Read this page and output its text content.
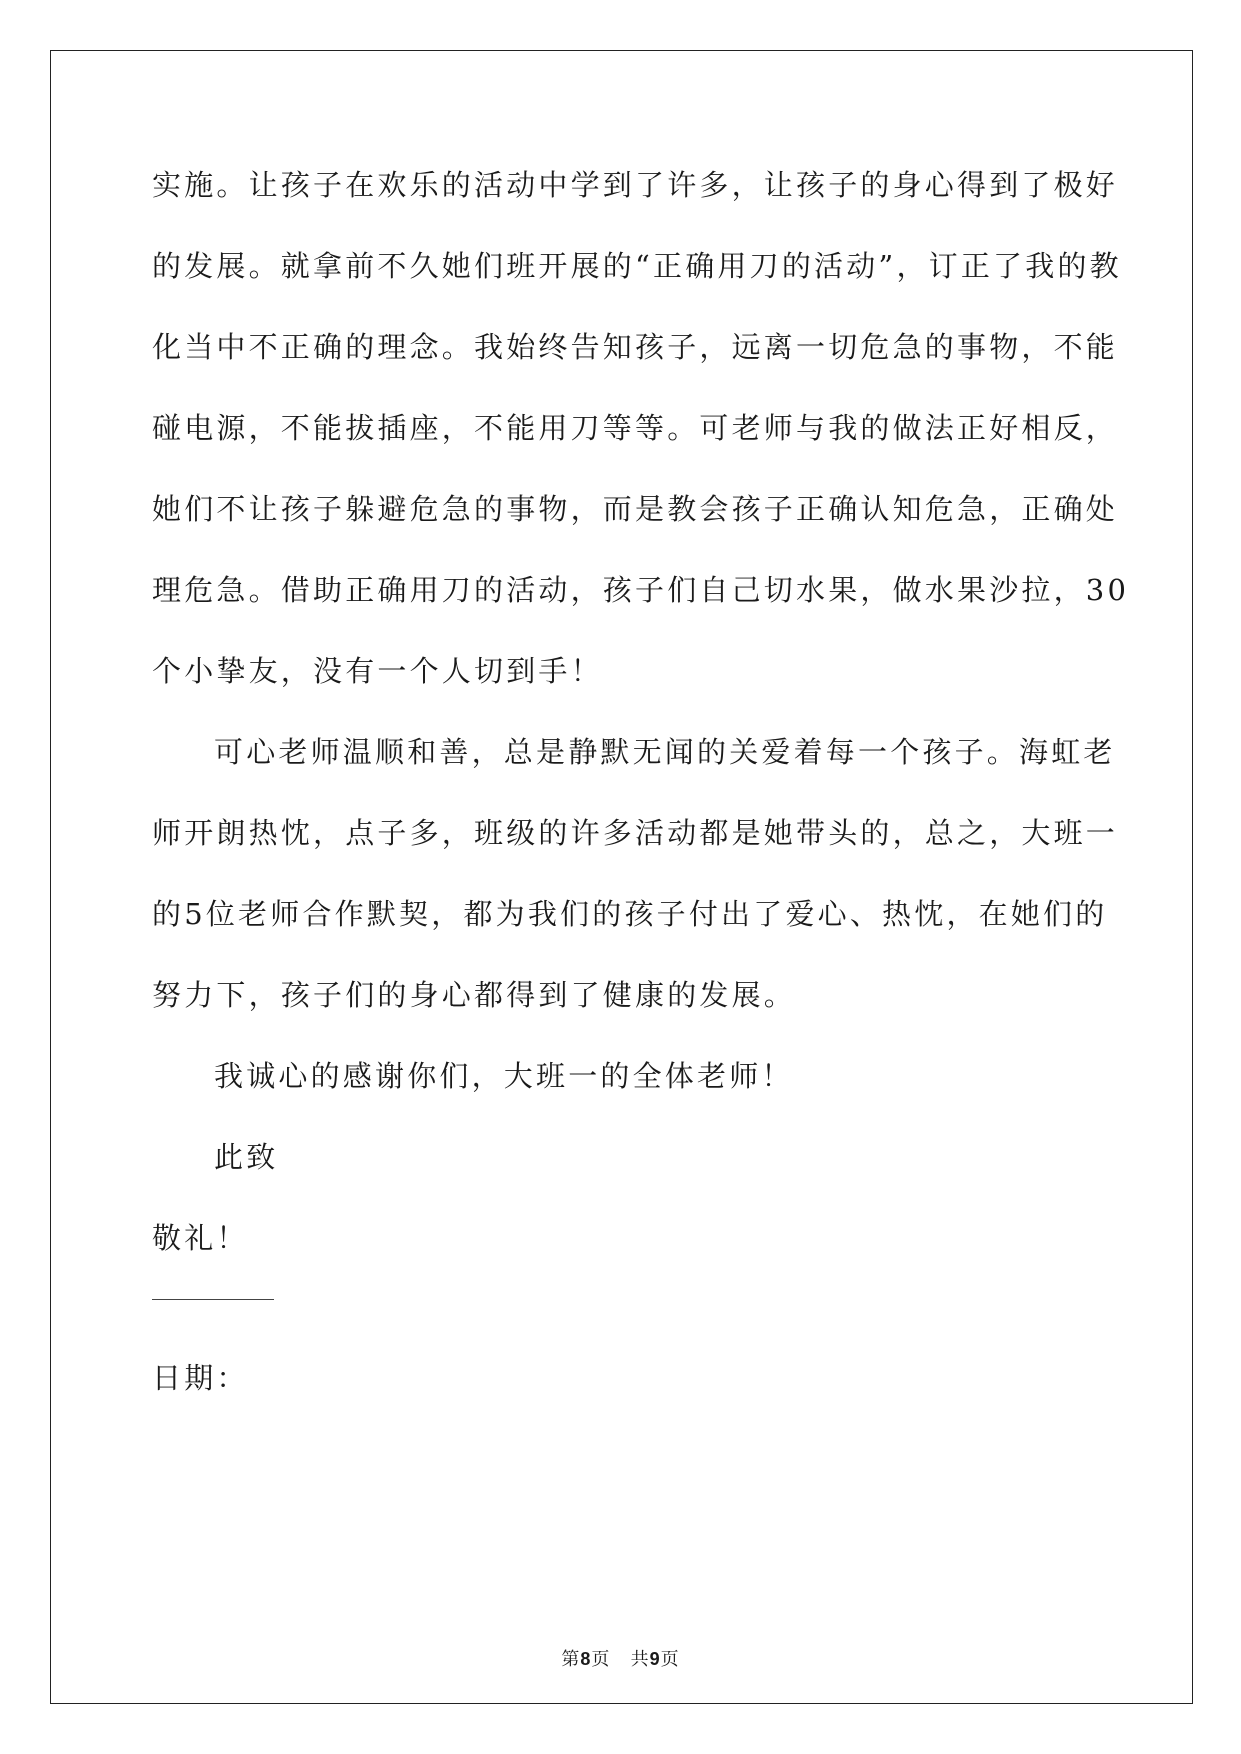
实施。让孩子在欢乐的活动中学到了许多，让孩子的身心得到了极好
的发展。就拿前不久她们班开展的“正确用刀的活动”，订正了我的教
化当中不正确的理念。我始终告知孩子，远离一切危急的事物，不能
碰电源，不能拔插座，不能用刀等等。可老师与我的做法正好相反，
她们不让孩子躲避危急的事物，而是教会孩子正确认知危急，正确处
理危急。借助正确用刀的活动，孩子们自己切水果，做水果沙拉，30
个小挚友，没有一个人切到手！
可心老师温顺和善，总是静默无闻的关爱着每一个孩子。海虹老
师开朗热忱，点子多，班级的许多活动都是她带头的，总之，大班一
的5位老师合作默契，都为我们的孩子付出了爱心、热忱，在她们的
努力下，孩子们的身心都得到了健康的发展。
我诚心的感谢你们，大班一的全体老师！
此致
敬礼！
日期：
第8页   共9页
